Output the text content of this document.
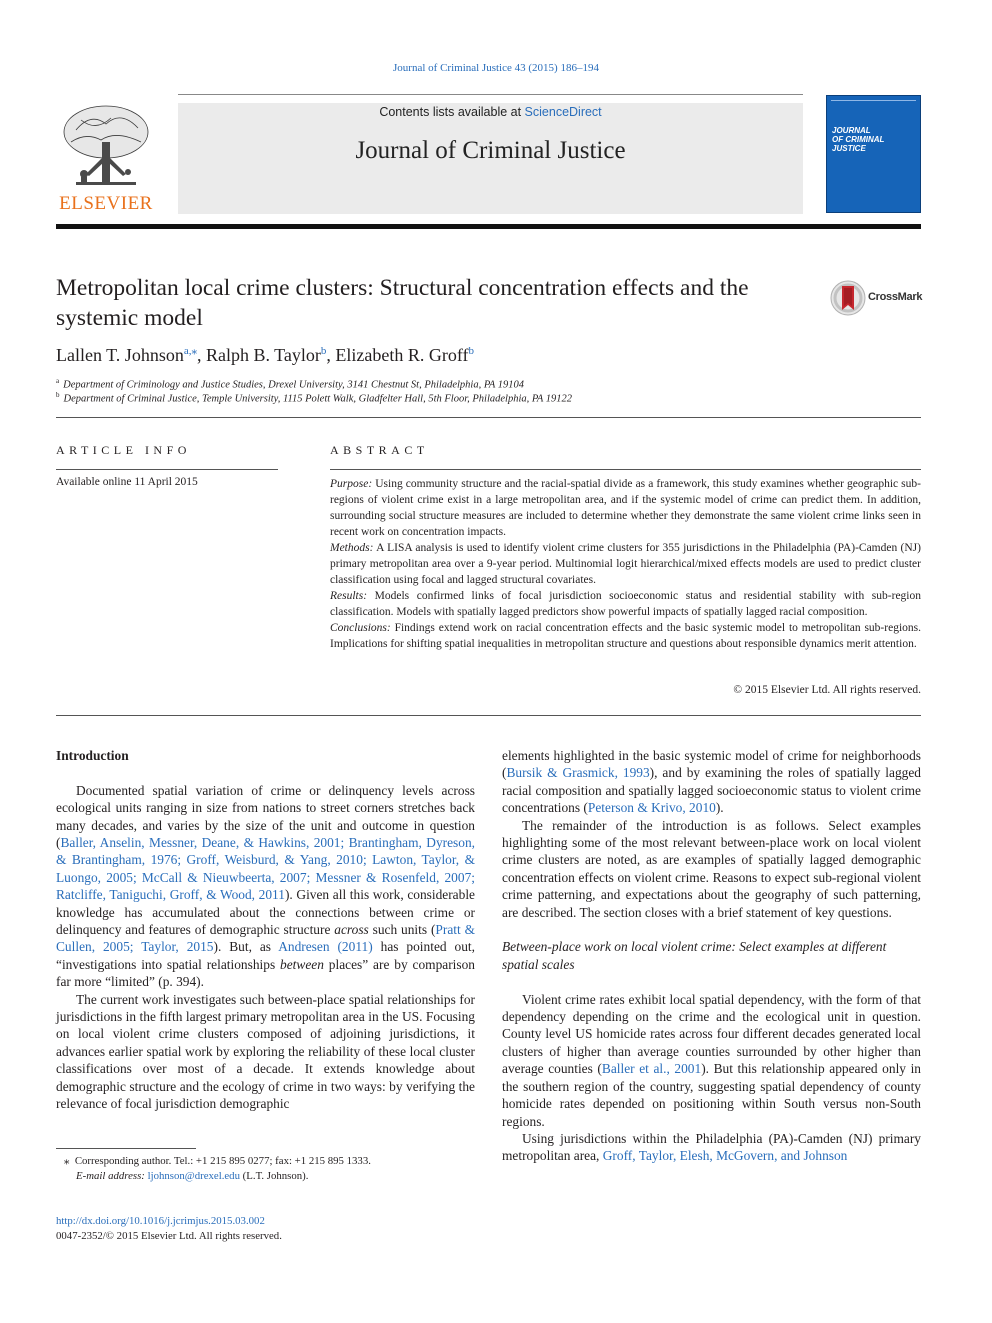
Journal of Criminal Justice 43 (2015) 186–194
ELSEVIER
Contents lists available at ScienceDirect
Journal of Criminal Justice
JOURNAL
OF CRIMINAL
JUSTICE
Metropolitan local crime clusters: Structural concentration effects and the systemic model
CrossMark
Lallen T. Johnson$^{a,⁎}$, Ralph B. Taylor$^b$, Elizabeth R. Groff$^b$
$^a$ Department of Criminology and Justice Studies, Drexel University, 3141 Chestnut St, Philadelphia, PA 19104
$^b$ Department of Criminal Justice, Temple University, 1115 Polett Walk, Gladfelter Hall, 5th Floor, Philadelphia, PA 19122
ARTICLE INFO	ABSTRACT
Available online 11 April 2015	Purpose: Using community structure and the racial-spatial divide as a framework, this study examines whether geographic sub-regions of violent crime exist in a large metropolitan area, and if the systemic model of crime can predict them. In addition, surrounding social structure measures are included to determine whether they demonstrate the same violent crime links seen in recent work on concentration impacts.

Methods: A LISA analysis is used to identify violent crime clusters for 355 jurisdictions in the Philadelphia (PA)-Camden (NJ) primary metropolitan area over a 9-year period. Multinomial logit hierarchical/mixed effects models are used to predict cluster classification using focal and lagged structural covariates.

Results: Models confirmed links of focal jurisdiction socioeconomic status and residential stability with sub-region classification. Models with spatially lagged predictors show powerful impacts of spatially lagged racial composition.

Conclusions: Findings extend work on racial concentration effects and the basic systemic model to metropolitan sub-regions. Implications for shifting spatial inequalities in metropolitan structure and questions about responsible dynamics merit attention.

© 2015 Elsevier Ltd. All rights reserved.
Introduction

Documented spatial variation of crime or delinquency levels across ecological units ranging in size from nations to street corners stretches back many decades, and varies by the size of the unit and outcome in question (Baller, Anselin, Messner, Deane, & Hawkins, 2001; Brantingham, Dyreson, & Brantingham, 1976; Groff, Weisburd, & Yang, 2010; Lawton, Taylor, & Luongo, 2005; McCall & Nieuwbeerta, 2007; Messner & Rosenfeld, 2007; Ratcliffe, Taniguchi, Groff, & Wood, 2011). Given all this work, considerable knowledge has accumulated about the connections between crime or delinquency and features of demographic structure across such units (Pratt & Cullen, 2005; Taylor, 2015). But, as Andresen (2011) has pointed out, “investigations into spatial relationships between places” are by comparison far more “limited” (p. 394).

The current work investigates such between-place spatial relationships for jurisdictions in the fifth largest primary metropolitan area in the US. Focusing on local violent crime clusters composed of adjoining jurisdictions, it advances earlier spatial work by exploring the reliability of these local cluster classifications over most of a decade. It extends knowledge about demographic structure and the ecology of crime in two ways: by verifying the relevance of focal jurisdiction demographic

elements highlighted in the basic systemic model of crime for neighborhoods (Bursik & Grasmick, 1993), and by examining the roles of spatially lagged racial composition and spatially lagged socioeconomic status to violent crime concentrations (Peterson & Krivo, 2010).

The remainder of the introduction is as follows. Select examples highlighting some of the most relevant between-place work on local violent crime clusters are noted, as are examples of spatially lagged demographic concentration effects on violent crime. Reasons to expect sub-regional violent crime patterning, and expectations about the geography of such patterning, are described. The section closes with a brief statement of key questions.

Between-place work on local violent crime: Select examples at different spatial scales

Violent crime rates exhibit local spatial dependency, with the form of that dependency depending on the crime and the ecological unit in question. County level US homicide rates across four different decades generated local clusters of higher than average counties surrounded by other higher than average counties (Baller et al., 2001). But this relationship appeared only in the southern region of the country, suggesting spatial dependency of county homicide rates depended on positioning within South versus non-South regions.

Using jurisdictions within the Philadelphia (PA)-Camden (NJ) primary metropolitan area, Groff, Taylor, Elesh, McGovern, and Johnson

⁎ Corresponding author. Tel.: +1 215 895 0277; fax: +1 215 895 1333.
E-mail address: ljohnson@drexel.edu (L.T. Johnson).
http://dx.doi.org/10.1016/j.jcrimjus.2015.03.002
0047-2352/© 2015 Elsevier Ltd. All rights reserved.
